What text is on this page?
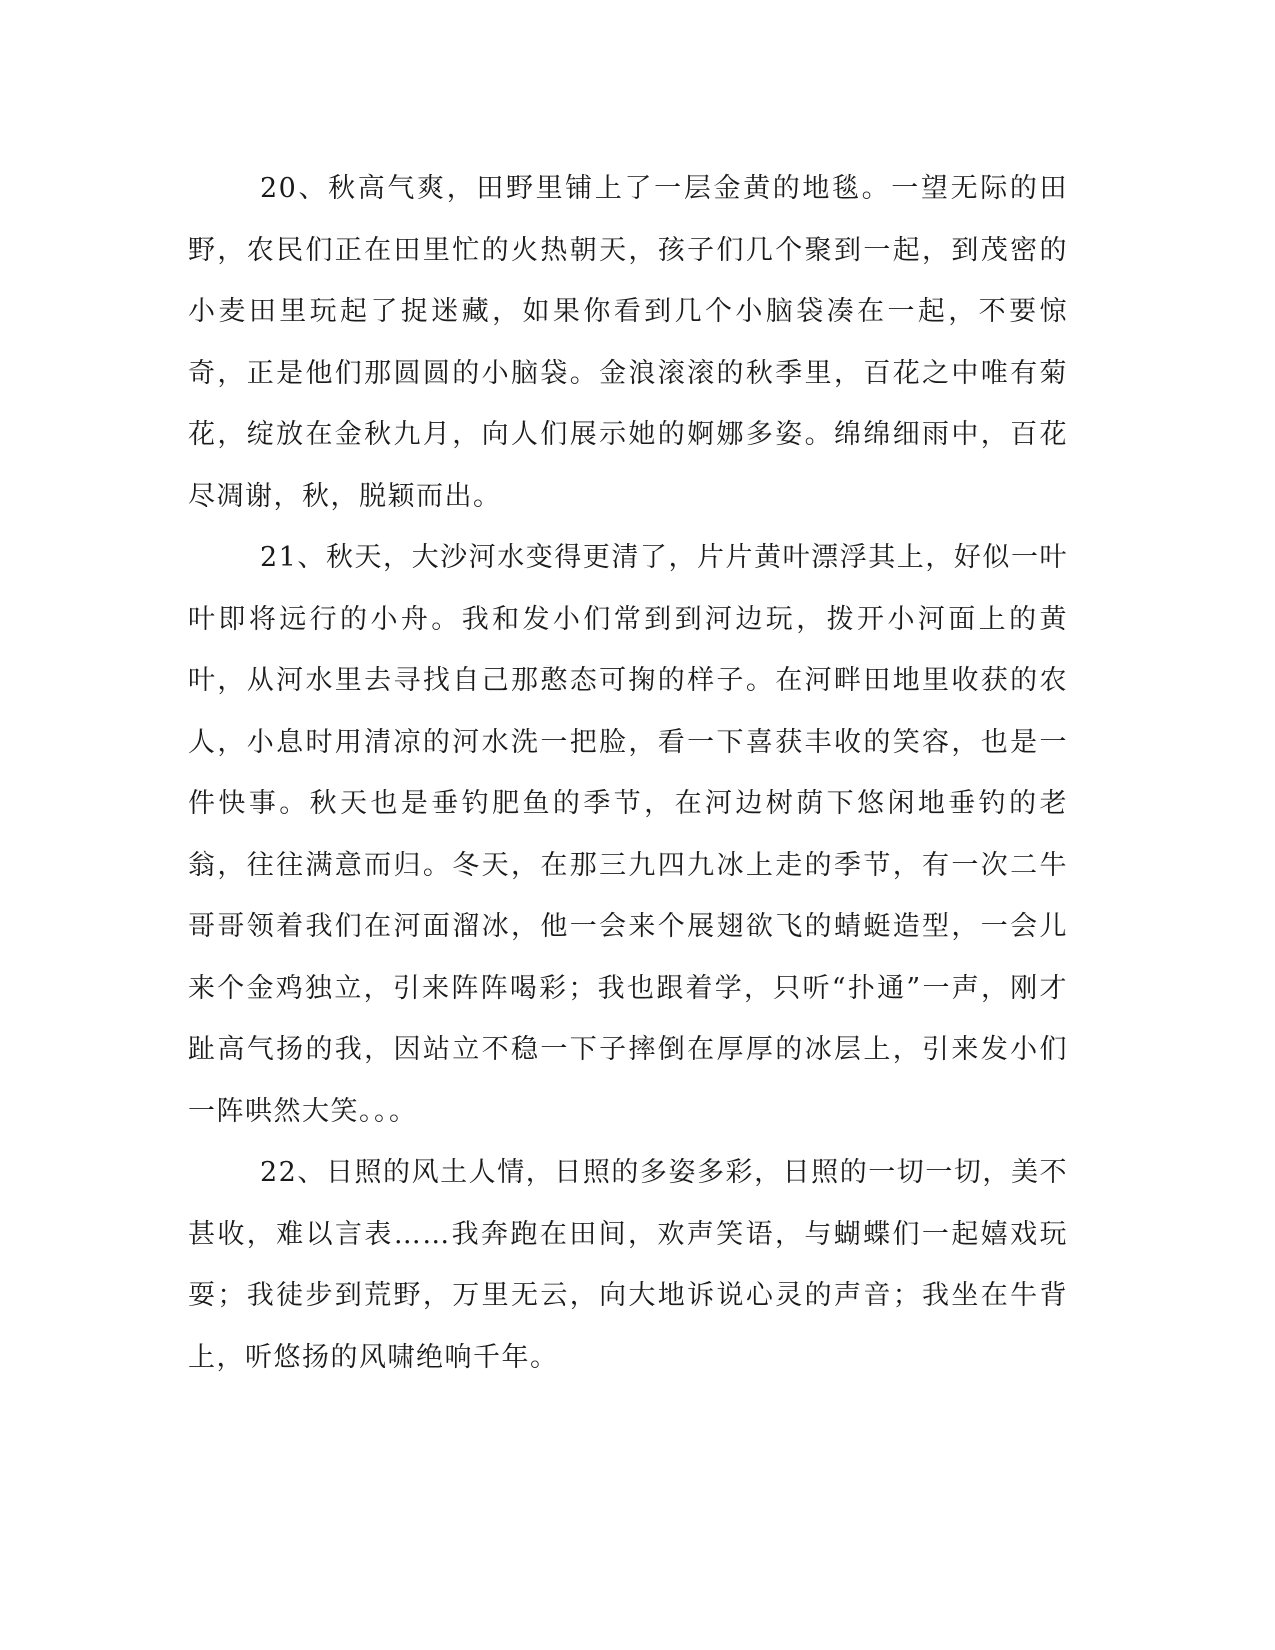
20、秋高气爽，田野里铺上了一层金黄的地毯。一望无际的田野，农民们正在田里忙的火热朝天，孩子们几个聚到一起，到茂密的小麦田里玩起了捉迷藏，如果你看到几个小脑袋凑在一起，不要惊奇，正是他们那圆圆的小脑袋。金浪滚滚的秋季里，百花之中唯有菊花，绽放在金秋九月，向人们展示她的婀娜多姿。绵绵细雨中，百花尽凋谢，秋，脱颖而出。

21、秋天，大沙河水变得更清了，片片黄叶漂浮其上，好似一叶叶即将远行的小舟。我和发小们常到到河边玩，拨开小河面上的黄叶，从河水里去寻找自己那憨态可掬的样子。在河畔田地里收获的农人，小息时用清凉的河水洗一把脸，看一下喜获丰收的笑容，也是一件快事。秋天也是垂钓肥鱼的季节，在河边树荫下悠闲地垂钓的老翁，往往满意而归。冬天，在那三九四九冰上走的季节，有一次二牛哥哥领着我们在河面溜冰，他一会来个展翅欲飞的蜻蜓造型，一会儿来个金鸡独立，引来阵阵喝彩；我也跟着学，只听“扑通”一声，刚才趾高气扬的我，因站立不稳一下子摔倒在厚厚的冰层上，引来发小们一阵哄然大笑。。。

22、日照的风土人情，日照的多姿多彩，日照的一切一切，美不甚收，难以言表……我奔跑在田间，欢声笑语，与蝴蝶们一起嬉戏玩耍；我徒步到荒野，万里无云，向大地诉说心灵的声音；我坐在牛背上，听悠扬的风啸绝响千年。
